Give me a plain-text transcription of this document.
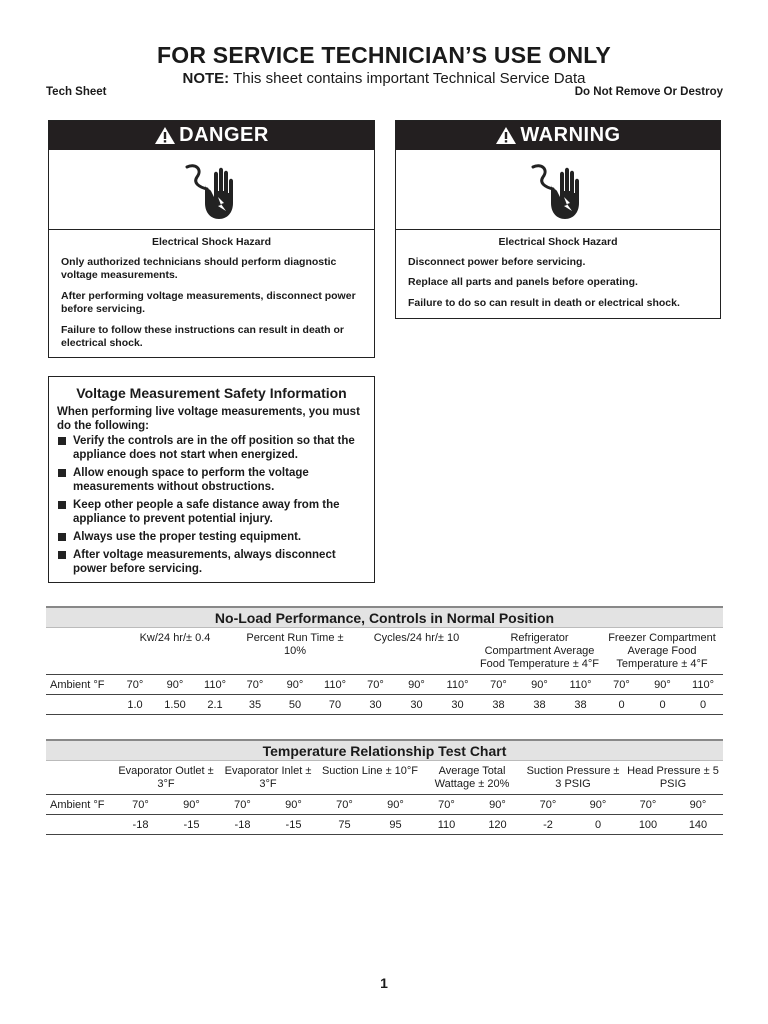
FOR SERVICE TECHNICIAN’S USE ONLY
NOTE: This sheet contains important Technical Service Data
Tech Sheet	Do Not Remove Or Destroy
DANGER
Electrical Shock Hazard
Only authorized technicians should perform diagnostic voltage measurements.
After performing voltage measurements, disconnect power before servicing.
Failure to follow these instructions can result in death or electrical shock.
WARNING
Electrical Shock Hazard
Disconnect power before servicing.
Replace all parts and panels before operating.
Failure to do so can result in death or electrical shock.
Voltage Measurement Safety Information
When performing live voltage measurements, you must do the following:
Verify the controls are in the off position so that the appliance does not start when energized.
Allow enough space to perform the voltage measurements without obstructions.
Keep other people a safe distance away from the appliance to prevent potential injury.
Always use the proper testing equipment.
After voltage measurements, always disconnect power before servicing.
No-Load Performance, Controls in Normal Position
	Kw/24 hr/± 0.4			Percent Run Time ± 10%			Cycles/24 hr/± 10			Refrigerator Compartment Average Food Temperature ± 4°F			Freezer Compartment Average Food Temperature ± 4°F		
Ambient °F	70°	90°	110°	70°	90°	110°	70°	90°	110°	70°	90°	110°	70°	90°	110°
	1.0	1.50	2.1	35	50	70	30	30	30	38	38	38	0	0	0
Temperature Relationship Test Chart
	Evaporator Outlet ± 3°F		Evaporator Inlet ± 3°F		Suction Line ± 10°F		Average Total Wattage ± 20%		Suction Pressure ± 3 PSIG		Head Pressure ± 5 PSIG	
Ambient °F	70°	90°	70°	90°	70°	90°	70°	90°	70°	90°	70°	90°
	-18	-15	-18	-15	75	95	110	120	-2	0	100	140
1
